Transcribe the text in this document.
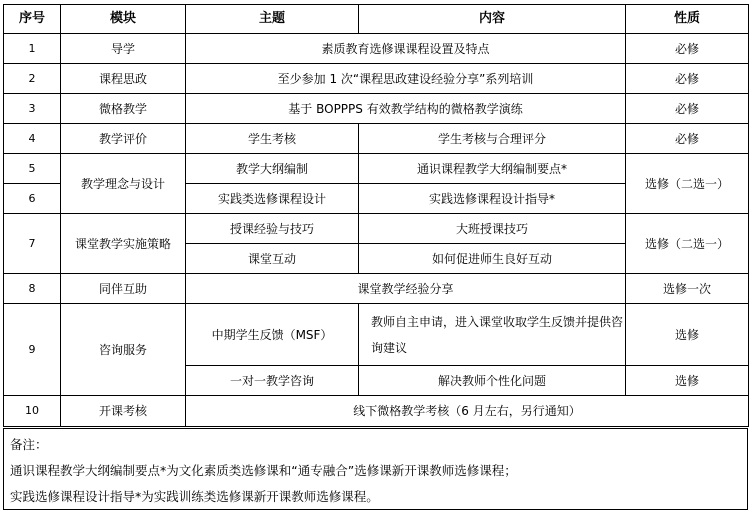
序号	模块	主题	内容	性质
1	导学	素质教育选修课课程设置及特点		必修
2	课程思政	至少参加 1 次“课程思政建设经验分享”系列培训		必修
3	微格教学	基于 BOPPPS 有效教学结构的微格教学演练		必修
4	教学评价	学生考核	学生考核与合理评分	必修
5	教学理念与设计	教学大纲编制	通识课程教学大纲编制要点*	选修（二选一）
6		实践类选修课程设计	实践选修课程设计指导*	
7	课堂教学实施策略	授课经验与技巧	大班授课技巧	选修（二选一）
		课堂互动	如何促进师生良好互动	
8	同伴互助	课堂教学经验分享		选修一次
9	咨询服务	中期学生反馈（MSF）	教师自主申请，进入课堂收取学生反馈并提供咨询建议	选修
		一对一教学咨询	解决教师个性化问题	选修
10	开课考核	线下微格教学考核（6 月左右，另行通知）		
备注：
通识课程教学大纲编制要点*为文化素质类选修课和“通专融合”选修课新开课教师选修课程；
实践选修课程设计指导*为实践训练类选修课新开课教师选修课程。
